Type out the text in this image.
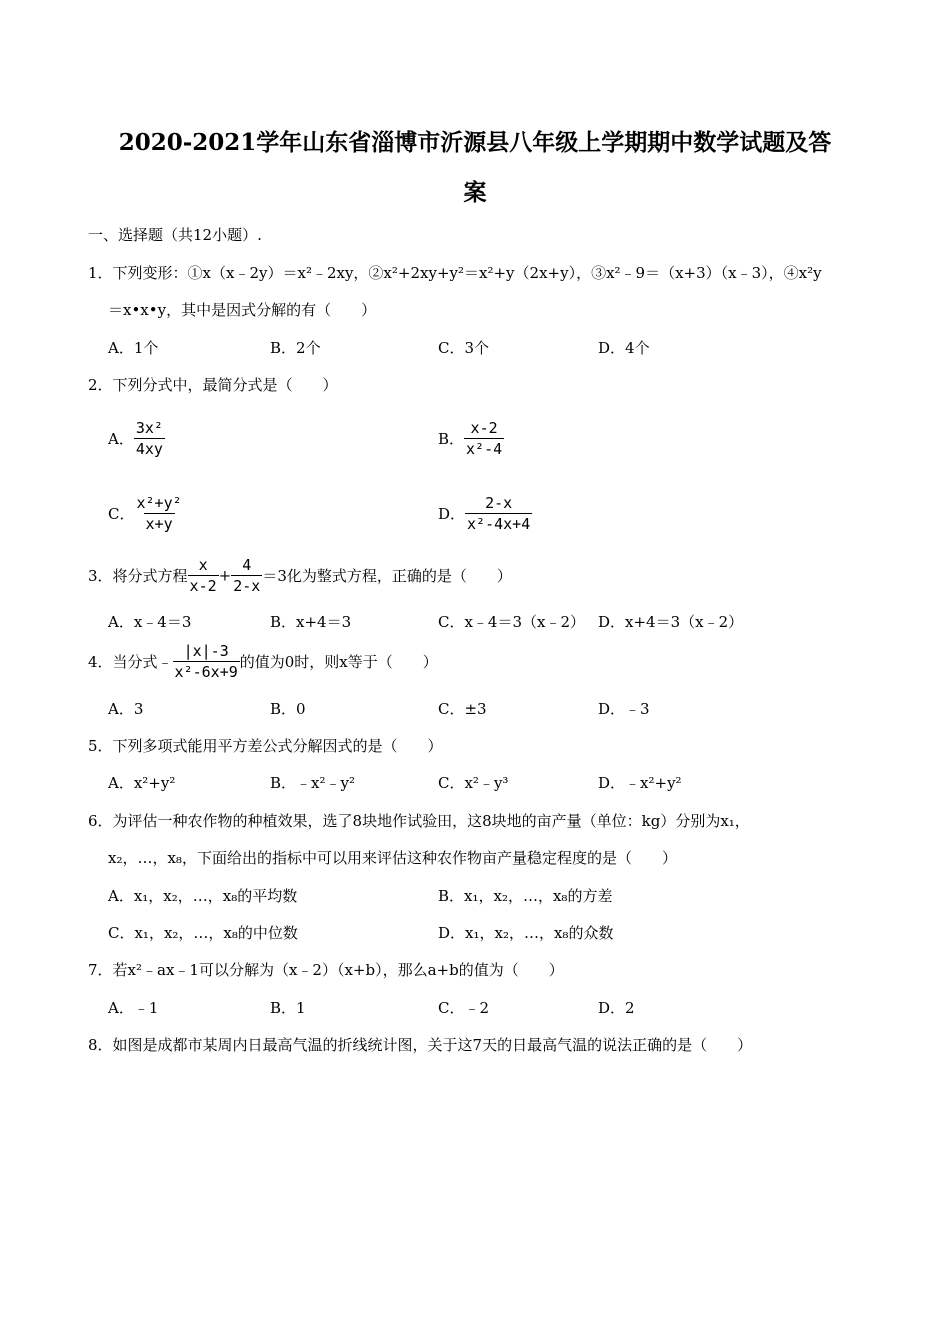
2020-2021学年山东省淄博市沂源县八年级上学期期中数学试题及答
案
一、选择题（共12小题）.
1．下列变形：①x（x﹣2y）＝x²﹣2xy，②x²+2xy+y²＝x²+y（2x+y），③x²﹣9＝（x+3）（x﹣3），④x²y
＝x•x•y，其中是因式分解的有（　　）
A．1个	B．2个	C．3个	D．4个
2．下列分式中，最简分式是（　　）
A． $\frac{\text{3x²}}{4xy}$	B． $\frac{x-2}{\text{x²-4}}$
C． $\frac{\text{x²+y²}}{x+y}$	D． $\frac{2-x}{\text{x²-4x+4}}$
3．将分式方程 $\frac{x}{x-2} + \frac{4}{2-x} =3$化为整式方程，正确的是（　　）
A．x﹣4＝3	B．x+4＝3	C．x﹣4＝3（x﹣2） D．x+4＝3（x﹣2）
4．当分式﹣ $\frac{|x|-3}{\text{x²-6x+9}}$ 的值为0时，则x等于（　　）
A．3	B．0	C．±3	D．﹣3
5．下列多项式能用平方差公式分解因式的是（　　）
A．x²+y²	B．﹣x²﹣y²	C．x²﹣y³	D．﹣x²+y²
6．为评估一种农作物的种植效果，选了8块地作试验田，这8块地的亩产量（单位：kg）分别为x₁，
x₂，…，x₈，下面给出的指标中可以用来评估这种农作物亩产量稳定程度的是（　　）
A．x₁，x₂，…，x₈的平均数	B．x₁，x₂，…，x₈的方差
C．x₁，x₂，…，x₈的中位数	D．x₁，x₂，…，x₈的众数
7．若x²﹣ax﹣1可以分解为（x﹣2）（x+b），那么a+b的值为（　　）
A．﹣1	B．1	C．﹣2	D．2
8．如图是成都市某周内日最高气温的折线统计图，关于这7天的日最高气温的说法正确的是（　　）
